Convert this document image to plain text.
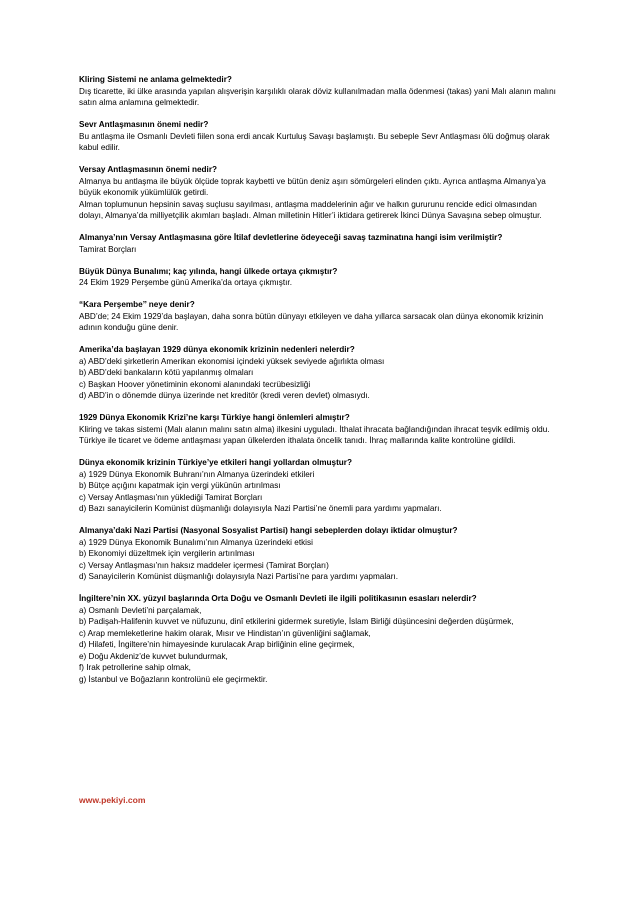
Kliring Sistemi ne anlama gelmektedir?
Dış ticarette, iki ülke arasında yapılan alışverişin karşılıklı olarak döviz kullanılmadan malla ödenmesi (takas) yani Malı alanın malını satın alma anlamına gelmektedir.
Sevr Antlaşmasının önemi nedir?
Bu antlaşma ile Osmanlı Devleti fiilen sona erdi ancak Kurtuluş Savaşı başlamıştı. Bu sebeple Sevr Antlaşması ölü doğmuş olarak kabul edilir.
Versay Antlaşmasının önemi nedir?
Almanya bu antlaşma ile büyük ölçüde toprak kaybetti ve bütün deniz aşırı sömürgeleri elinden çıktı. Ayrıca antlaşma Almanya’ya büyük ekonomik yükümlülük getirdi.
Alman toplumunun hepsinin savaş suçlusu sayılması, antlaşma maddelerinin ağır ve halkın gururunu rencide edici olmasından dolayı, Almanya’da milliyetçilik akımları başladı. Alman milletinin Hitler’i iktidara getirerek İkinci Dünya Savaşına sebep olmuştur.
Almanya’nın Versay Antlaşmasına göre İtilaf devletlerine ödeyeceği savaş tazminatına hangi isim verilmiştir?
Tamirat Borçları
Büyük Dünya Bunalımı; kaç yılında, hangi ülkede ortaya çıkmıştır?
24 Ekim 1929 Perşembe günü Amerika’da ortaya çıkmıştır.
“Kara Perşembe’’ neye denir?
ABD’de; 24 Ekim 1929’da başlayan, daha sonra bütün dünyayı etkileyen ve daha yıllarca sarsacak olan dünya ekonomik krizinin adının konduğu güne denir.
Amerika’da başlayan 1929 dünya ekonomik krizinin nedenleri nelerdir?
a) ABD’deki şirketlerin Amerikan ekonomisi içindeki yüksek seviyede ağırlıkta olması
b) ABD’deki bankaların kötü yapılanmış olmaları
c) Başkan Hoover yönetiminin ekonomi alanındaki tecrübesizliği
d) ABD’in o dönemde dünya üzerinde net kreditör (kredi veren devlet) olmasıydı.
1929 Dünya Ekonomik Krizi’ne karşı Türkiye hangi önlemleri almıştır?
Kliring ve takas sistemi (Malı alanın malını satın alma) ilkesini uyguladı. İthalat ihracata bağlandığından ihracat teşvik edilmiş oldu. Türkiye ile ticaret ve ödeme antlaşması yapan ülkelerden ithalata öncelik tanıdı. İhraç mallarında kalite kontrolüne gidildi.
Dünya ekonomik krizinin Türkiye’ye etkileri hangi yollardan olmuştur?
a) 1929 Dünya Ekonomik Buhranı’nın Almanya üzerindeki etkileri
b) Bütçe açığını kapatmak için vergi yükünün artırılması
c) Versay Antlaşması’nın yüklediği Tamirat Borçları
d) Bazı sanayicilerin Komünist düşmanlığı dolayısıyla Nazi Partisi’ne önemli para yardımı yapmaları.
Almanya’daki Nazi Partisi (Nasyonal Sosyalist Partisi) hangi sebeplerden dolayı iktidar olmuştur?
a) 1929 Dünya Ekonomik Bunalımı’nın Almanya üzerindeki etkisi
b) Ekonomiyi düzeltmek için vergilerin artırılması
c) Versay Antlaşması’nın haksız maddeler içermesi (Tamirat Borçları)
d) Sanayicilerin Komünist düşmanlığı dolayısıyla Nazi Partisi’ne para yardımı yapmaları.
İngiltere’nin XX. yüzyıl başlarında Orta Doğu ve Osmanlı Devleti ile ilgili politikasının esasları nelerdir?
a) Osmanlı Devleti’ni parçalamak,
b) Padişah-Halifenin kuvvet ve nüfuzunu, dinî etkilerini gidermek suretiyle, İslam Birliği düşüncesini değerden düşürmek,
c) Arap memleketlerine hakim olarak, Mısır ve Hindistan’ın güvenliğini sağlamak,
d) Hilafeti, İngiltere’nin himayesinde kurulacak Arap birliğinin eline geçirmek,
e) Doğu Akdeniz’de kuvvet bulundurmak,
f) Irak petrollerine sahip olmak,
g) İstanbul ve Boğazların kontrolünü ele geçirmektir.
www.pekiyi.com
